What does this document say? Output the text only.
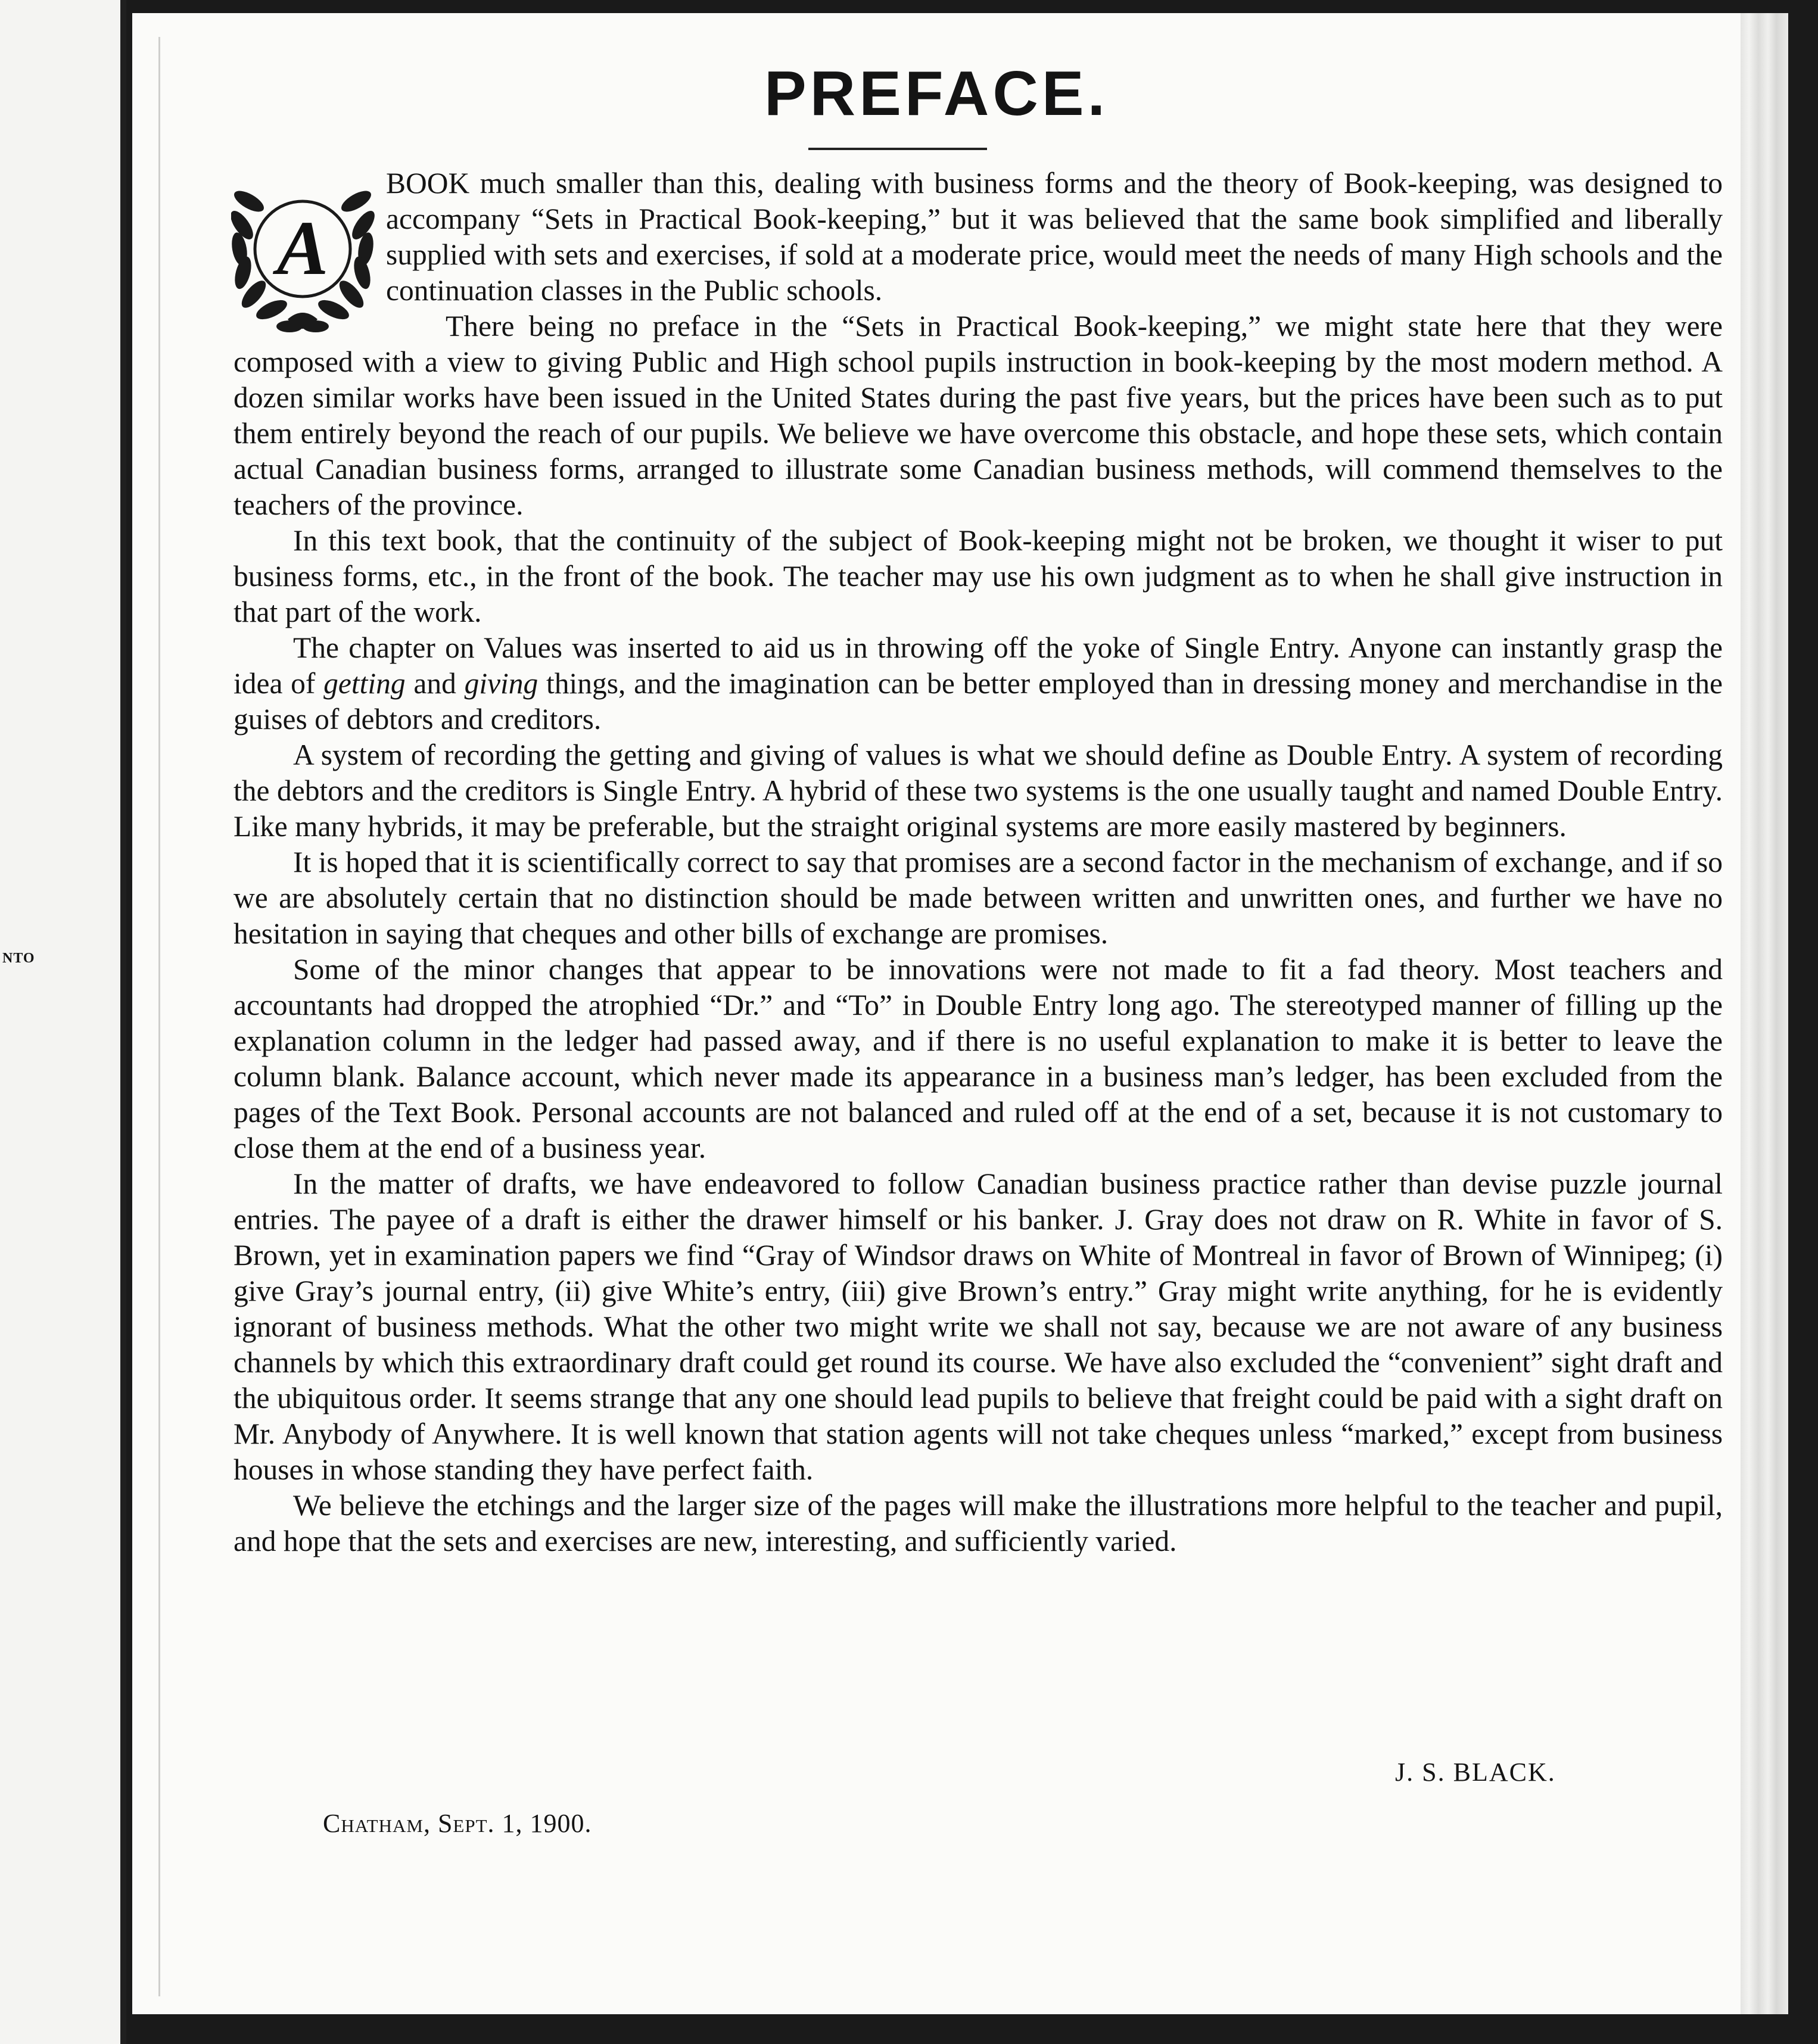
NTO
PREFACE.

A
BOOK much smaller than this, dealing with business forms and the theory of Book-keeping, was designed to accompany “Sets in Practical Book-keeping,” but it was believed that the same book simplified and liberally supplied with sets and exercises, if sold at a moderate price, would meet the needs of many High schools and the continuation classes in the Public schools.

There being no preface in the “Sets in Practical Book-keeping,” we might state here that they were composed with a view to giving Public and High school pupils instruction in book-keeping by the most modern method. A dozen similar works have been issued in the United States during the past five years, but the prices have been such as to put them entirely beyond the reach of our pupils. We believe we have overcome this obstacle, and hope these sets, which contain actual Canadian business forms, arranged to illustrate some Canadian business methods, will commend themselves to the teachers of the province.

In this text book, that the continuity of the subject of Book-keeping might not be broken, we thought it wiser to put business forms, etc., in the front of the book. The teacher may use his own judgment as to when he shall give instruction in that part of the work.

The chapter on Values was inserted to aid us in throwing off the yoke of Single Entry. Anyone can instantly grasp the idea of getting and giving things, and the imagination can be better employed than in dressing money and merchandise in the guises of debtors and creditors.

A system of recording the getting and giving of values is what we should define as Double Entry. A system of recording the debtors and the creditors is Single Entry. A hybrid of these two systems is the one usually taught and named Double Entry. Like many hybrids, it may be preferable, but the straight original systems are more easily mastered by beginners.

It is hoped that it is scientifically correct to say that promises are a second factor in the mechanism of exchange, and if so we are absolutely certain that no distinction should be made between written and unwritten ones, and further we have no hesitation in saying that cheques and other bills of exchange are promises.

Some of the minor changes that appear to be innovations were not made to fit a fad theory. Most teachers and accountants had dropped the atrophied “Dr.” and “To” in Double Entry long ago. The stereotyped manner of filling up the explanation column in the ledger had passed away, and if there is no useful explanation to make it is better to leave the column blank. Balance account, which never made its appearance in a business man’s ledger, has been excluded from the pages of the Text Book. Personal accounts are not balanced and ruled off at the end of a set, because it is not customary to close them at the end of a business year.

In the matter of drafts, we have endeavored to follow Canadian business practice rather than devise puzzle journal entries. The payee of a draft is either the drawer himself or his banker. J. Gray does not draw on R. White in favor of S. Brown, yet in examination papers we find “Gray of Windsor draws on White of Montreal in favor of Brown of Winnipeg; (i) give Gray’s journal entry, (ii) give White’s entry, (iii) give Brown’s entry.” Gray might write anything, for he is evidently ignorant of business methods. What the other two might write we shall not say, because we are not aware of any business channels by which this extraordinary draft could get round its course. We have also excluded the “convenient” sight draft and the ubiquitous order. It seems strange that any one should lead pupils to believe that freight could be paid with a sight draft on Mr. Anybody of Anywhere. It is well known that station agents will not take cheques unless “marked,” except from business houses in whose standing they have perfect faith.

We believe the etchings and the larger size of the pages will make the illustrations more helpful to the teacher and pupil, and hope that the sets and exercises are new, interesting, and sufficiently varied.

J. S. BLACK.
Chatham, Sept. 1, 1900.
